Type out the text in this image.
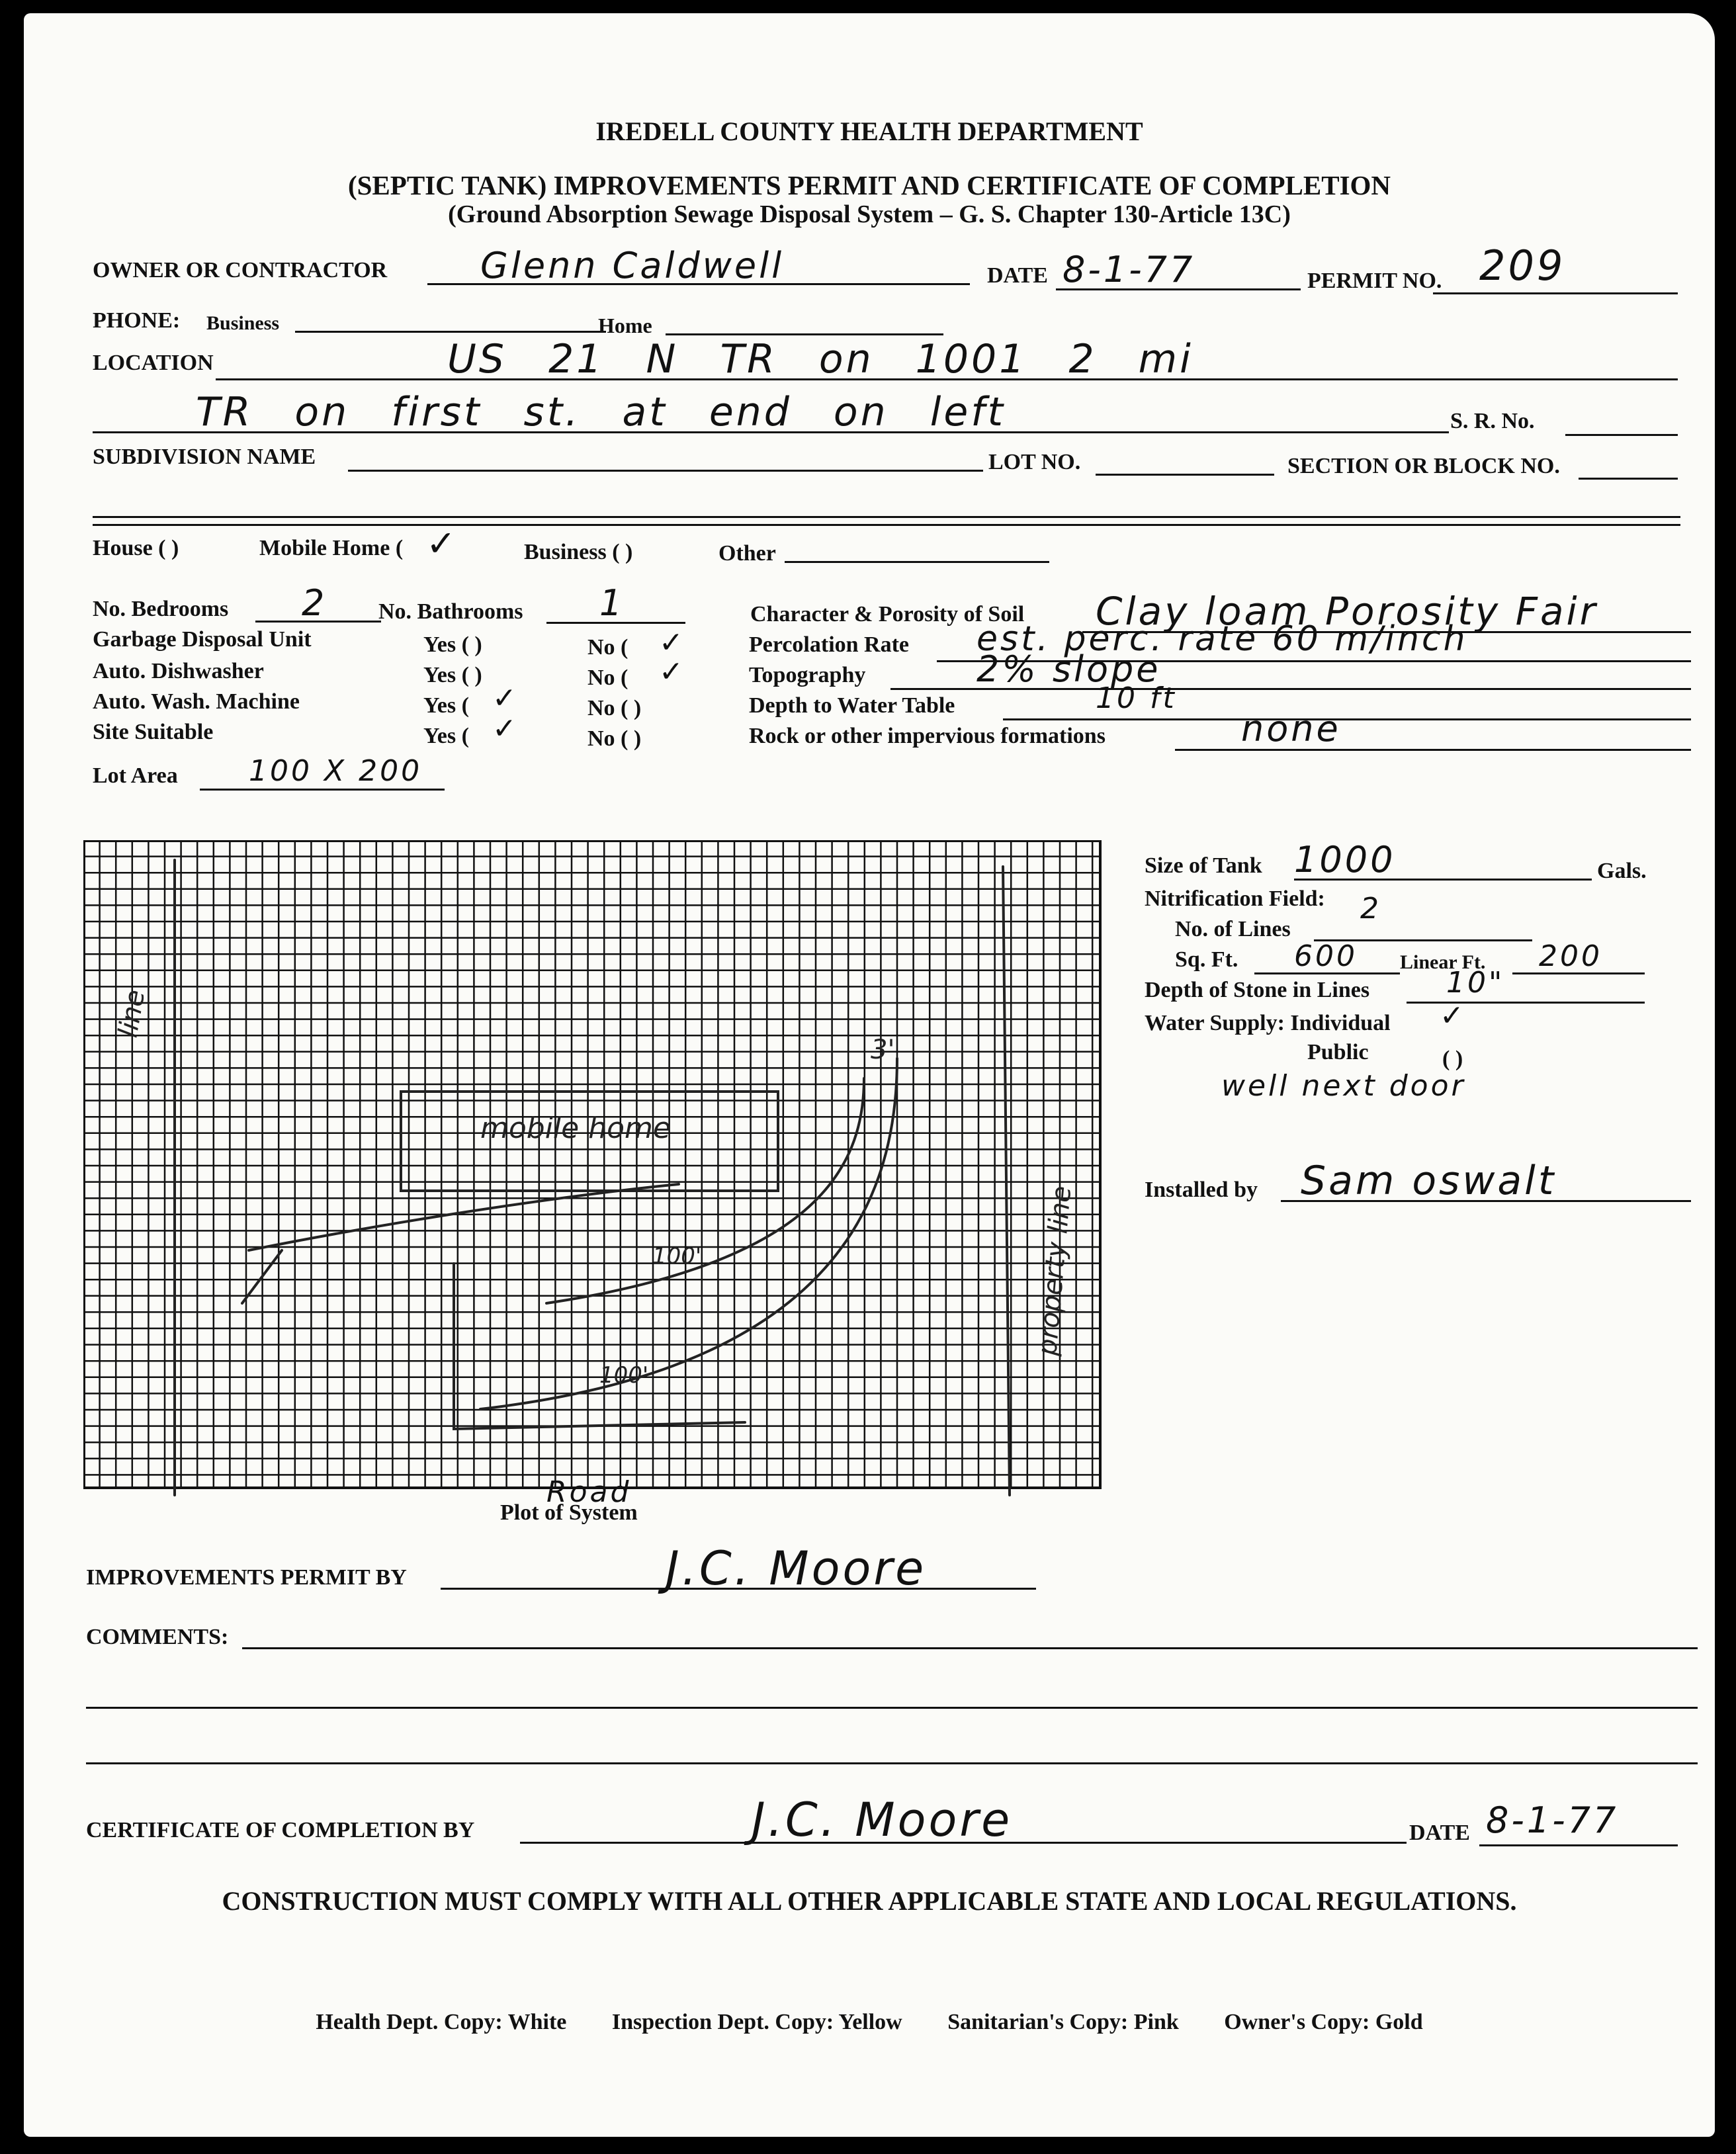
IREDELL COUNTY HEALTH DEPARTMENT
(SEPTIC TANK) IMPROVEMENTS PERMIT AND CERTIFICATE OF COMPLETION
(Ground Absorption Sewage Disposal System – G. S. Chapter 130-Article 13C)
OWNER OR CONTRACTOR	Glenn Caldwell	DATE 8-1-77	PERMIT NO. 209
PHONE: Business	Home
LOCATION	US 21 N TR on 1001 2 mi
TR on first st. at end on left	S. R. No.
SUBDIVISION NAME	LOT NO.	SECTION OR BLOCK NO.
House ( )	Mobile Home ( ✓	Business ( )	Other
No. Bedrooms 2 No. Bathrooms 1
Garbage Disposal Unit	Yes ( )	No ( ✓
Auto. Dishwasher	Yes ( )	No ( ✓
Auto. Wash. Machine	Yes ( ✓	No ( )
Site Suitable	Yes ( ✓	No ( )
Lot Area 100 X 200
Character & Porosity of Soil Clay loam Porosity Fair
Percolation Rate est. perc. rate 60 m/inch
Topography	2% slope
Depth to Water Table	10 ft
Rock or other impervious formations	none
mobile home
3'
100'
100'
line
property line
Road
Plot of System
Size of Tank 1000	Gals.
Nitrification Field: 2
No. of Lines
Sq. Ft. 600 Linear Ft. 200
Depth of Stone in Lines	10"
Water Supply: Individual ✓
Public	( )
well next door
Installed by Sam oswalt
IMPROVEMENTS PERMIT BY	J.C. Moore
COMMENTS:
CERTIFICATE OF COMPLETION BY	J.C. Moore	DATE 8-1-77
CONSTRUCTION MUST COMPLY WITH ALL OTHER APPLICABLE STATE AND LOCAL REGULATIONS.
Health Dept. Copy: White Inspection Dept. Copy: Yellow Sanitarian's Copy: Pink Owner's Copy: Gold
